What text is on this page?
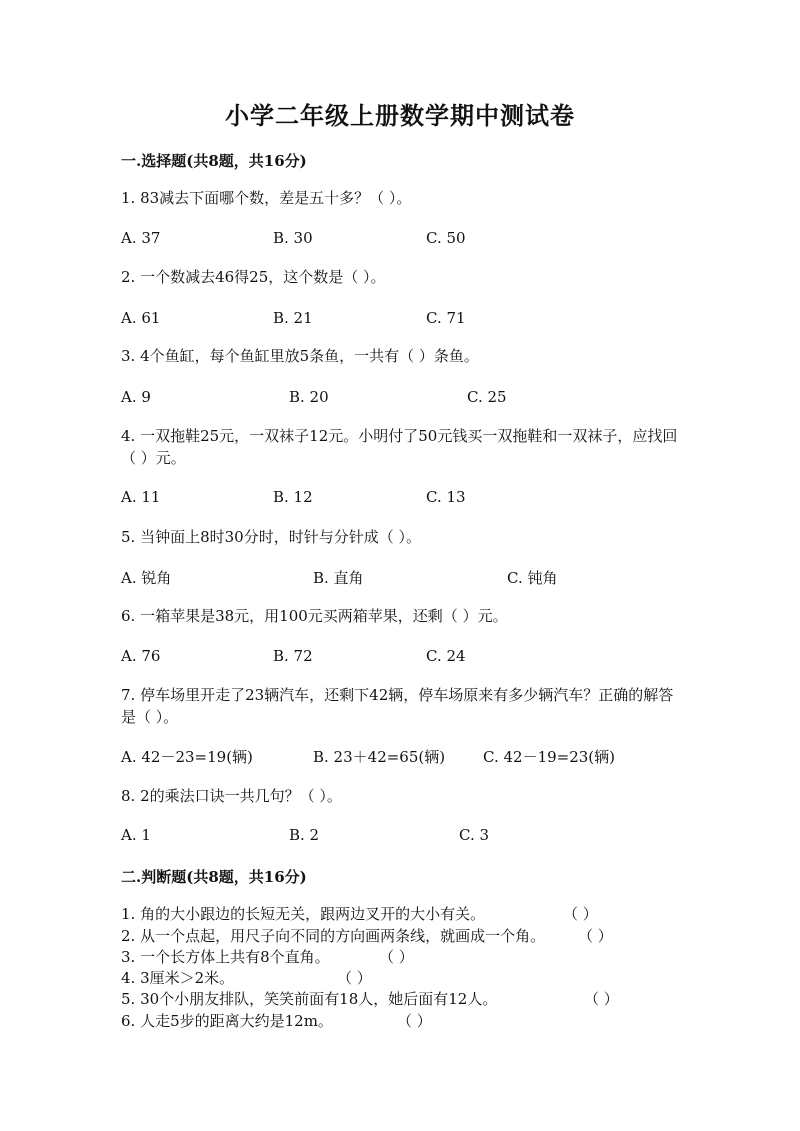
小学二年级上册数学期中测试卷
一.选择题(共8题，共16分)
1. 83减去下面哪个数，差是五十多？（ ）。
A. 37	B. 30	C. 50
2. 一个数减去46得25，这个数是（ ）。
A. 61	B. 21	C. 71
3. 4个鱼缸，每个鱼缸里放5条鱼，一共有（ ）条鱼。
A. 9	B. 20	C. 25
4. 一双拖鞋25元，一双袜子12元。小明付了50元钱买一双拖鞋和一双袜子，应找回（ ）元。
A. 11	B. 12	C. 13
5. 当钟面上8时30分时，时针与分针成（ ）。
A. 锐角	B. 直角	C. 钝角
6. 一箱苹果是38元，用100元买两箱苹果，还剩（ ）元。
A. 76	B. 72	C. 24
7. 停车场里开走了23辆汽车，还剩下42辆，停车场原来有多少辆汽车？正确的解答是（ ）。
A. 42－23=19(辆)	B. 23＋42=65(辆)	C. 42－19=23(辆)
8. 2的乘法口诀一共几句？（ ）。
A. 1	B. 2	C. 3
二.判断题(共8题，共16分)
1. 角的大小跟边的长短无关，跟两边叉开的大小有关。	（ ）
2. 从一个点起，用尺子向不同的方向画两条线，就画成一个角。 （ ）
3. 一个长方体上共有8个直角。	（ ）
4. 3厘米＞2米。	（ ）
5. 30个小朋友排队，笑笑前面有18人，她后面有12人。	（ ）
6. 人走5步的距离大约是12m。	（ ）
